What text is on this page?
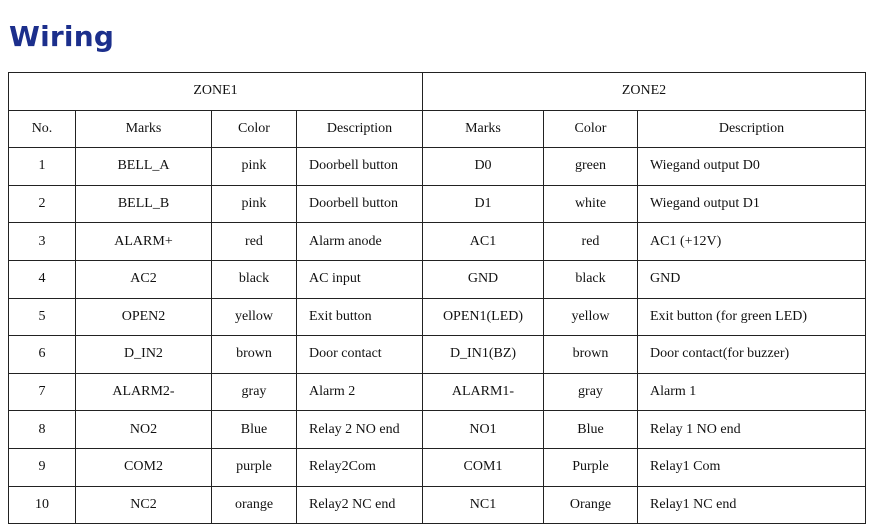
Wiring
ZONE1				ZONE2		
No.	Marks	Color	Description	Marks	Color	Description
1	BELL_A	pink	Doorbell button	D0	green	Wiegand output D0
2	BELL_B	pink	Doorbell button	D1	white	Wiegand output D1
3	ALARM+	red	Alarm anode	AC1	red	AC1 (+12V)
4	AC2	black	AC input	GND	black	GND
5	OPEN2	yellow	Exit button	OPEN1(LED)	yellow	Exit button (for green LED)
6	D_IN2	brown	Door contact	D_IN1(BZ)	brown	Door contact(for buzzer)
7	ALARM2-	gray	Alarm 2	ALARM1-	gray	Alarm 1
8	NO2	Blue	Relay 2 NO end	NO1	Blue	Relay 1 NO end
9	COM2	purple	Relay2Com	COM1	Purple	Relay1 Com
10	NC2	orange	Relay2 NC end	NC1	Orange	Relay1 NC end
